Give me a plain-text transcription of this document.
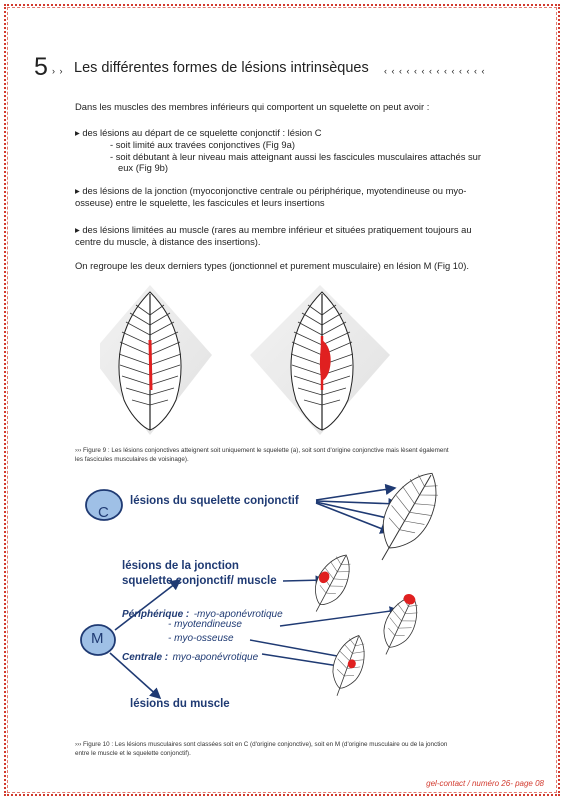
5 › › Les différentes formes de lésions intrinsèques ‹ ‹ ‹ ‹ ‹ ‹ ‹ ‹ ‹ ‹ ‹ ‹ ‹ ‹
Dans les muscles des membres inférieurs qui comportent un squelette on peut avoir :
▸ des lésions au départ de ce squelette conjonctif : lésion C
- soit limité aux travées conjonctives (Fig 9a)
- soit débutant à leur niveau mais atteignant aussi les fascicules musculaires attachés sur
eux (Fig 9b)
▸ des lésions de la jonction (myoconjonctive centrale ou périphérique, myotendineuse ou myo-
osseuse) entre le squelette, les fascicules et leurs insertions
▸ des lésions limitées au muscle (rares au membre inférieur et situées pratiquement toujours au
centre du muscle, à distance des insertions).
On regroupe les deux derniers types (jonctionnel et purement musculaire) en lésion M (Fig 10).
››› Figure 9 : Les lésions conjonctives atteignent soit uniquement le squelette (a), soit sont d'origine conjonctive mais lèsent également
les fascicules musculaires de voisinage).
C
lésions du squelette conjonctif
lésions de la jonction
squelette conjonctif/ muscle
Périphérique : -myo-aponévrotique
- myotendineuse
- myo-osseuse
Centrale : myo-aponévrotique
M
lésions du muscle
››› Figure 10 : Les lésions musculaires sont classées soit en C (d'origine conjonctive), soit en M (d'origine musculaire ou de la jonction
entre le muscle et le squelette conjonctif).
gel-contact / numéro 26- page 08
